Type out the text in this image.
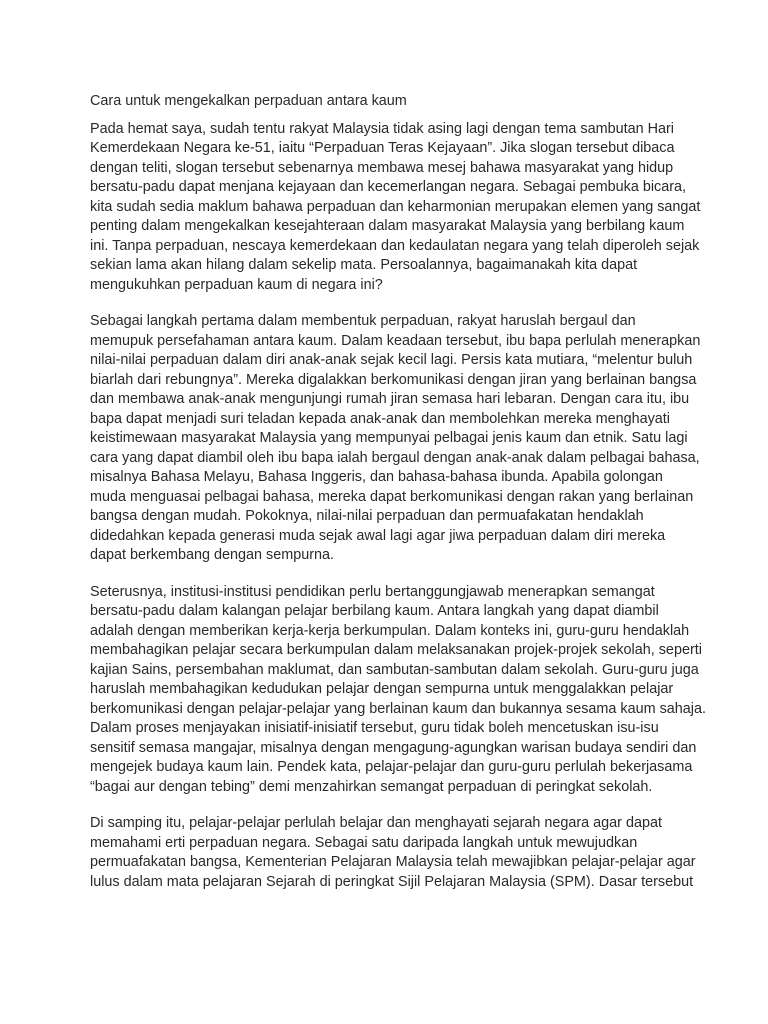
Cara untuk mengekalkan perpaduan antara kaum
Pada hemat saya, sudah tentu rakyat Malaysia tidak asing lagi dengan tema sambutan Hari
Kemerdekaan Negara ke-51, iaitu “Perpaduan Teras Kejayaan”. Jika slogan tersebut dibaca
dengan teliti, slogan tersebut sebenarnya membawa mesej bahawa masyarakat yang hidup
bersatu-padu dapat menjana kejayaan dan kecemerlangan negara. Sebagai pembuka bicara,
kita sudah sedia maklum bahawa perpaduan dan keharmonian merupakan elemen yang sangat
penting dalam mengekalkan kesejahteraan dalam masyarakat Malaysia yang berbilang kaum
ini. Tanpa perpaduan, nescaya kemerdekaan dan kedaulatan negara yang telah diperoleh sejak
sekian lama akan hilang dalam sekelip mata. Persoalannya, bagaimanakah kita dapat
mengukuhkan perpaduan kaum di negara ini?
Sebagai langkah pertama dalam membentuk perpaduan, rakyat haruslah bergaul dan
memupuk persefahaman antara kaum. Dalam keadaan tersebut, ibu bapa perlulah menerapkan
nilai-nilai perpaduan dalam diri anak-anak sejak kecil lagi. Persis kata mutiara, “melentur buluh
biarlah dari rebungnya”. Mereka digalakkan berkomunikasi dengan jiran yang berlainan bangsa
dan membawa anak-anak mengunjungi rumah jiran semasa hari lebaran. Dengan cara itu, ibu
bapa dapat menjadi suri teladan kepada anak-anak dan membolehkan mereka menghayati
keistimewaan masyarakat Malaysia yang mempunyai pelbagai jenis kaum dan etnik. Satu lagi
cara yang dapat diambil oleh ibu bapa ialah bergaul dengan anak-anak dalam pelbagai bahasa,
misalnya Bahasa Melayu, Bahasa Inggeris, dan bahasa-bahasa ibunda. Apabila golongan
muda menguasai pelbagai bahasa, mereka dapat berkomunikasi dengan rakan yang berlainan
bangsa dengan mudah. Pokoknya, nilai-nilai perpaduan dan permuafakatan hendaklah
didedahkan kepada generasi muda sejak awal lagi agar jiwa perpaduan dalam diri mereka
dapat berkembang dengan sempurna.
Seterusnya, institusi-institusi pendidikan perlu bertanggungjawab menerapkan semangat
bersatu-padu dalam kalangan pelajar berbilang kaum. Antara langkah yang dapat diambil
adalah dengan memberikan kerja-kerja berkumpulan. Dalam konteks ini, guru-guru hendaklah
membahagikan pelajar secara berkumpulan dalam melaksanakan projek-projek sekolah, seperti
kajian Sains, persembahan maklumat, dan sambutan-sambutan dalam sekolah. Guru-guru juga
haruslah membahagikan kedudukan pelajar dengan sempurna untuk menggalakkan pelajar
berkomunikasi dengan pelajar-pelajar yang berlainan kaum dan bukannya sesama kaum sahaja.
Dalam proses menjayakan inisiatif-inisiatif tersebut, guru tidak boleh mencetuskan isu-isu
sensitif semasa mangajar, misalnya dengan mengagung-agungkan warisan budaya sendiri dan
mengejek budaya kaum lain. Pendek kata, pelajar-pelajar dan guru-guru perlulah bekerjasama
“bagai aur dengan tebing” demi menzahirkan semangat perpaduan di peringkat sekolah.
Di samping itu, pelajar-pelajar perlulah belajar dan menghayati sejarah negara agar dapat
memahami erti perpaduan negara. Sebagai satu daripada langkah untuk mewujudkan
permuafakatan bangsa, Kementerian Pelajaran Malaysia telah mewajibkan pelajar-pelajar agar
lulus dalam mata pelajaran Sejarah di peringkat Sijil Pelajaran Malaysia (SPM). Dasar tersebut
